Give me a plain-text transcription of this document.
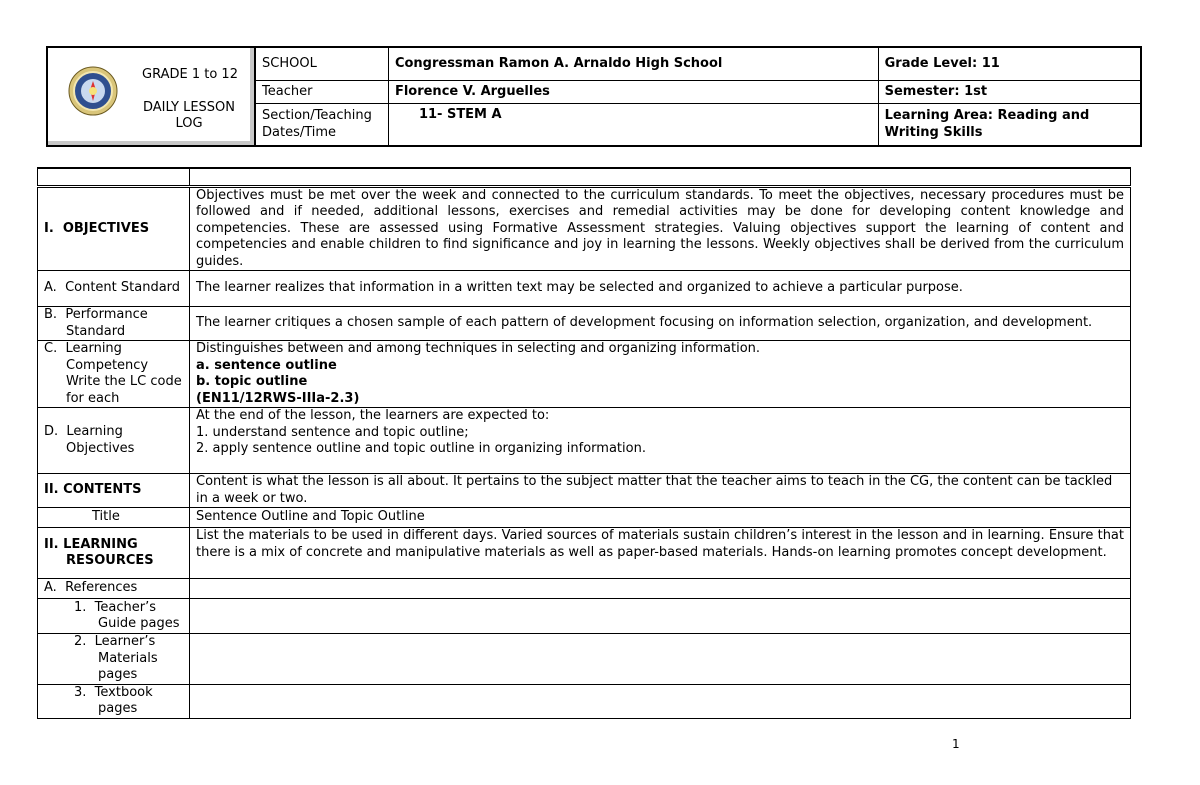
GRADE 1 to 12
DAILY LESSON LOG
SCHOOL	Congressman Ramon A. Arnaldo High School	Grade Level: 11
Teacher	Florence V. Arguelles	Semester: 1st
Section/Teaching Dates/Time	11- STEM A	Learning Area: Reading and Writing Skills

I. OBJECTIVES	Objectives must be met over the week and connected to the curriculum standards. To meet the objectives, necessary procedures must be followed and if needed, additional lessons, exercises and remedial activities may be done for developing content knowledge and competencies. These are assessed using Formative Assessment strategies. Valuing objectives support the learning of content and competencies and enable children to find significance and joy in learning the lessons. Weekly objectives shall be derived from the curriculum guides.

A. Content Standard	The learner realizes that information in a written text may be selected and organized to achieve a particular purpose.

B. Performance Standard	The learner critiques a chosen sample of each pattern of development focusing on information selection, organization, and development.

C. Learning Competency Write the LC code for each	Distinguishes between and among techniques in selecting and organizing information.
a. sentence outline
b. topic outline
(EN11/12RWS-IIIa-2.3)

D. Learning Objectives	At the end of the lesson, the learners are expected to:
1. understand sentence and topic outline;
2. apply sentence outline and topic outline in organizing information.

II. CONTENTS	Content is what the lesson is all about. It pertains to the subject matter that the teacher aims to teach in the CG, the content can be tackled in a week or two.
Title	Sentence Outline and Topic Outline

II. LEARNING RESOURCES	List the materials to be used in different days. Varied sources of materials sustain children’s interest in the lesson and in learning. Ensure that there is a mix of concrete and manipulative materials as well as paper-based materials. Hands-on learning promotes concept development.
A. References	

1. Teacher’s Guide pages	

2. Learner’s Materials pages	

3. Textbook pages	

1
